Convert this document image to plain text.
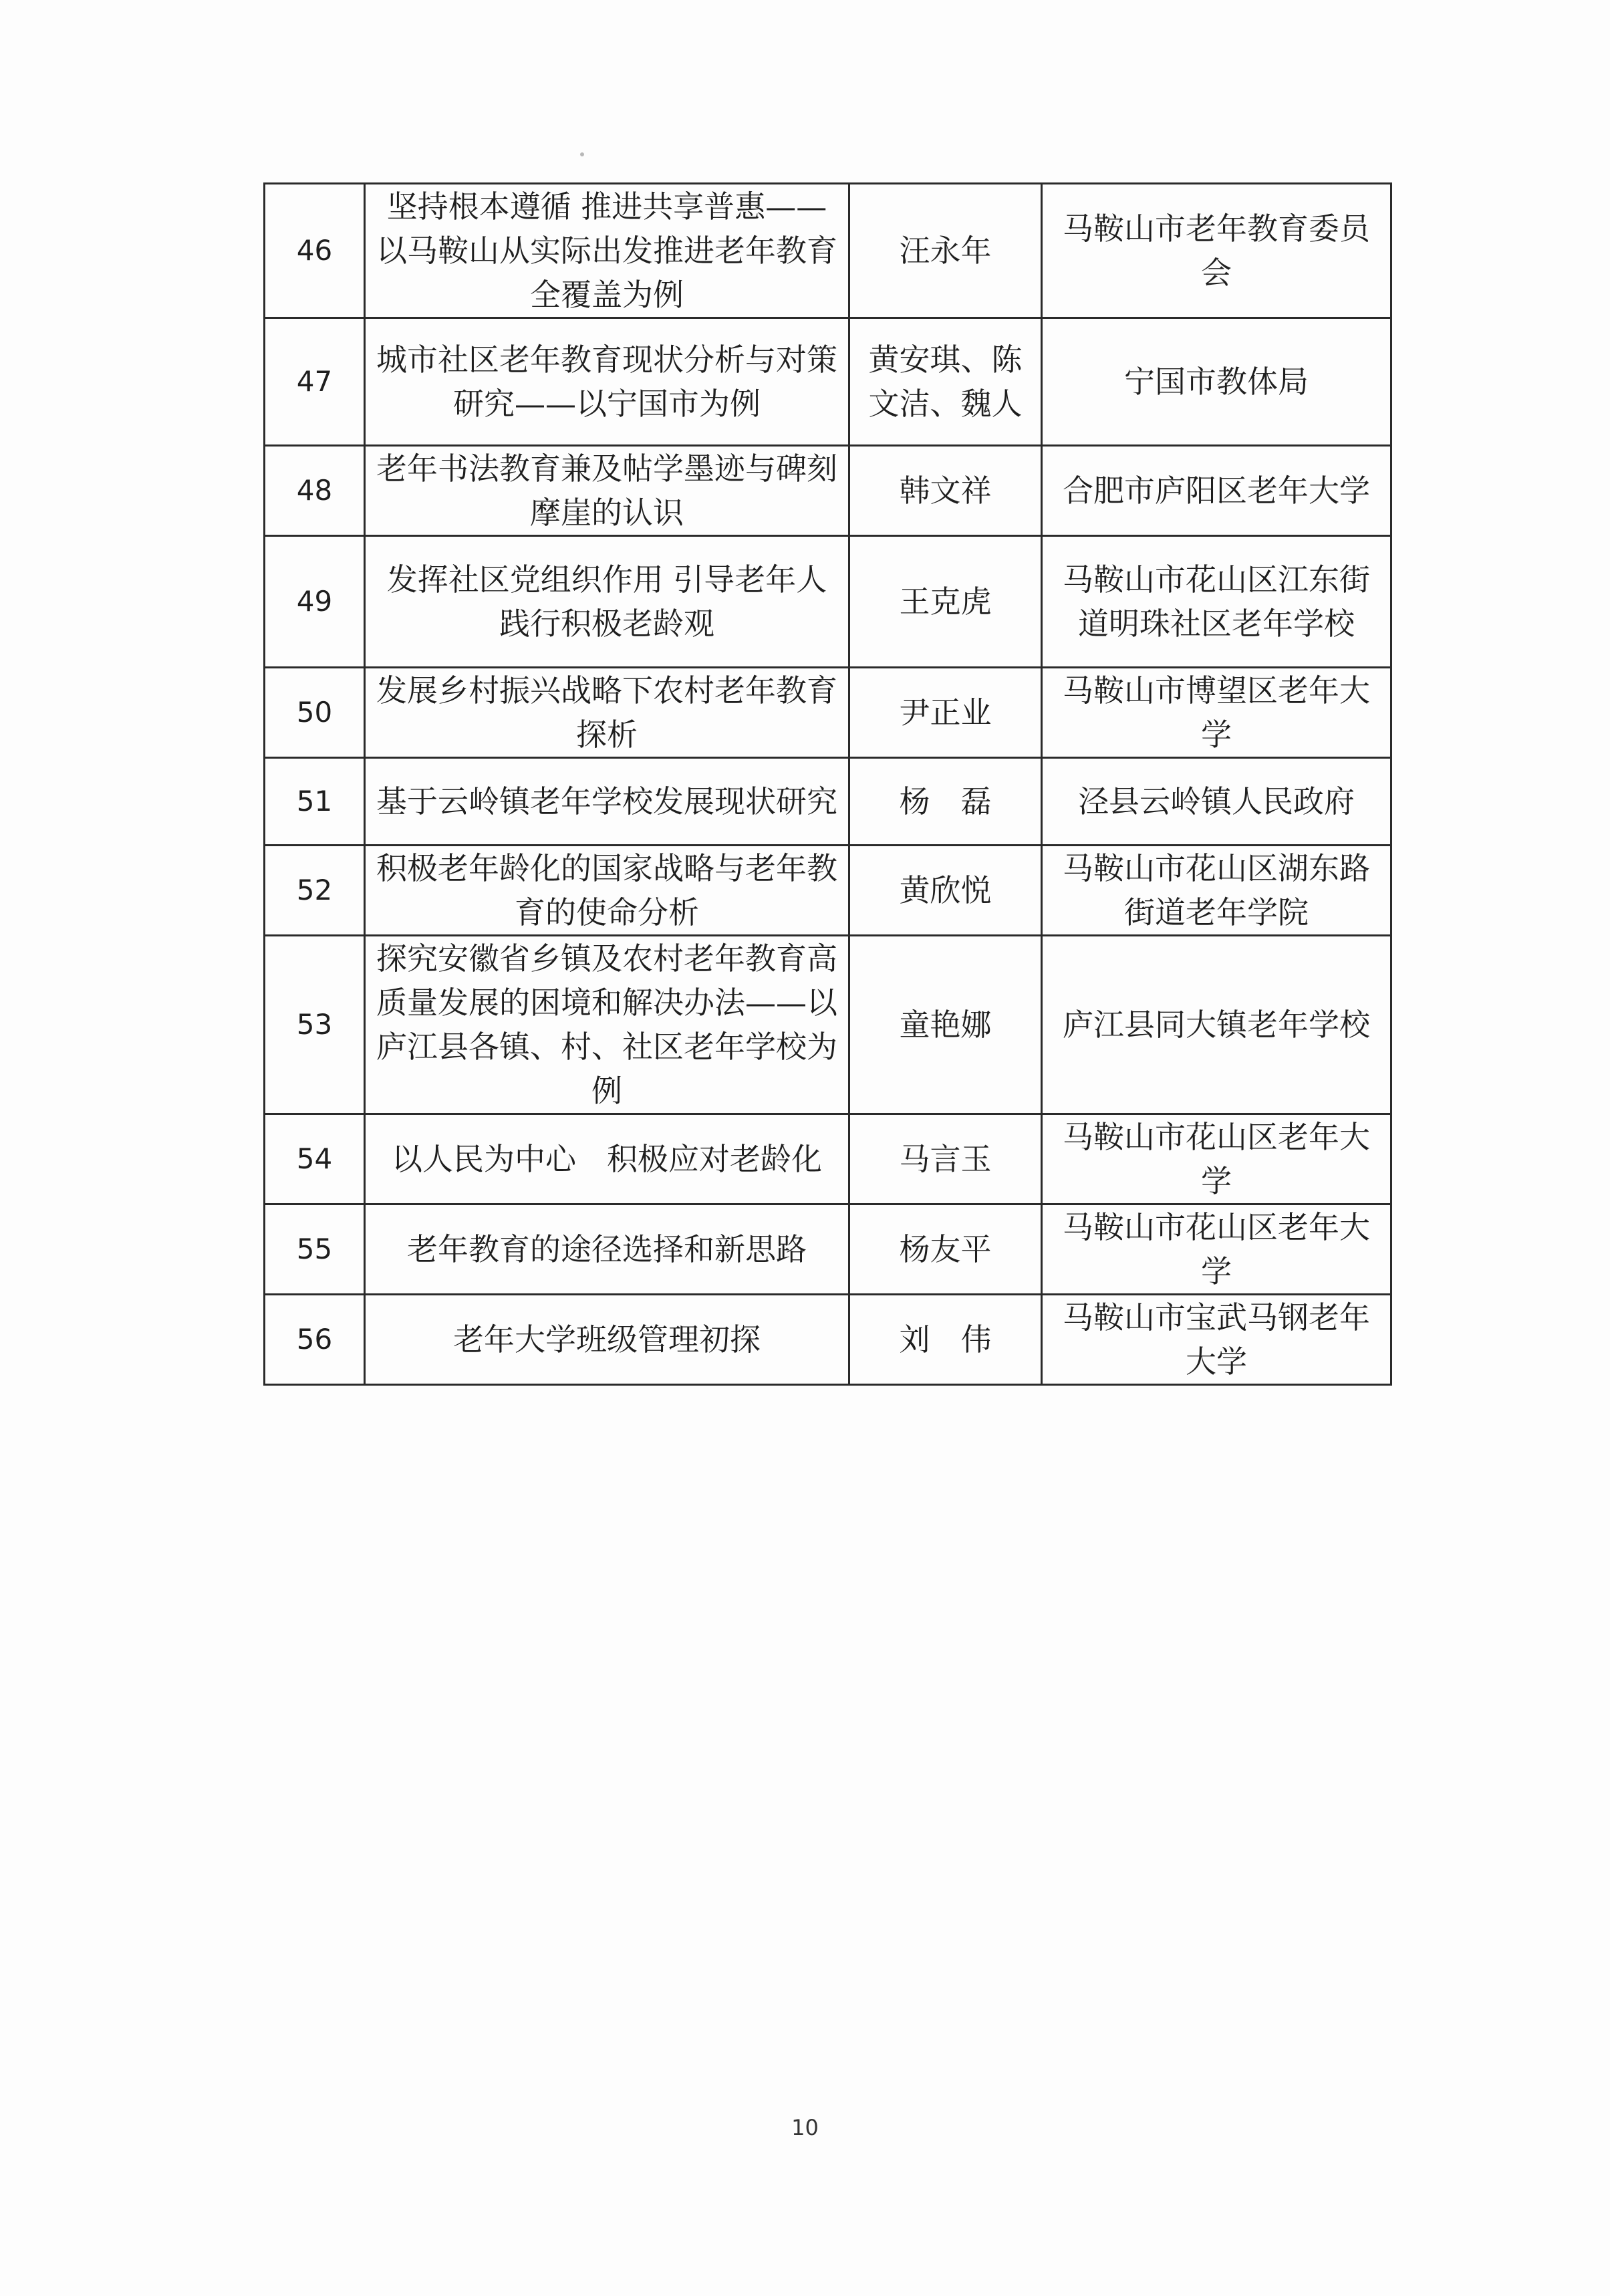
46	坚持根本遵循 推进共享普惠——以马鞍山从实际出发推进老年教育全覆盖为例	汪永年	马鞍山市老年教育委员会
47	城市社区老年教育现状分析与对策研究——以宁国市为例	黄安琪、陈文洁、魏人	宁国市教体局
48	老年书法教育兼及帖学墨迹与碑刻摩崖的认识	韩文祥	合肥市庐阳区老年大学
49	发挥社区党组织作用 引导老年人践行积极老龄观	王克虎	马鞍山市花山区江东街道明珠社区老年学校
50	发展乡村振兴战略下农村老年教育探析	尹正业	马鞍山市博望区老年大学
51	基于云岭镇老年学校发展现状研究	杨　磊	泾县云岭镇人民政府
52	积极老年龄化的国家战略与老年教育的使命分析	黄欣悦	马鞍山市花山区湖东路街道老年学院
53	探究安徽省乡镇及农村老年教育高质量发展的困境和解决办法——以庐江县各镇、村、社区老年学校为例	童艳娜	庐江县同大镇老年学校
54	以人民为中心　积极应对老龄化	马言玉	马鞍山市花山区老年大学
55	老年教育的途径选择和新思路	杨友平	马鞍山市花山区老年大学
56	老年大学班级管理初探	刘　伟	马鞍山市宝武马钢老年大学
10
